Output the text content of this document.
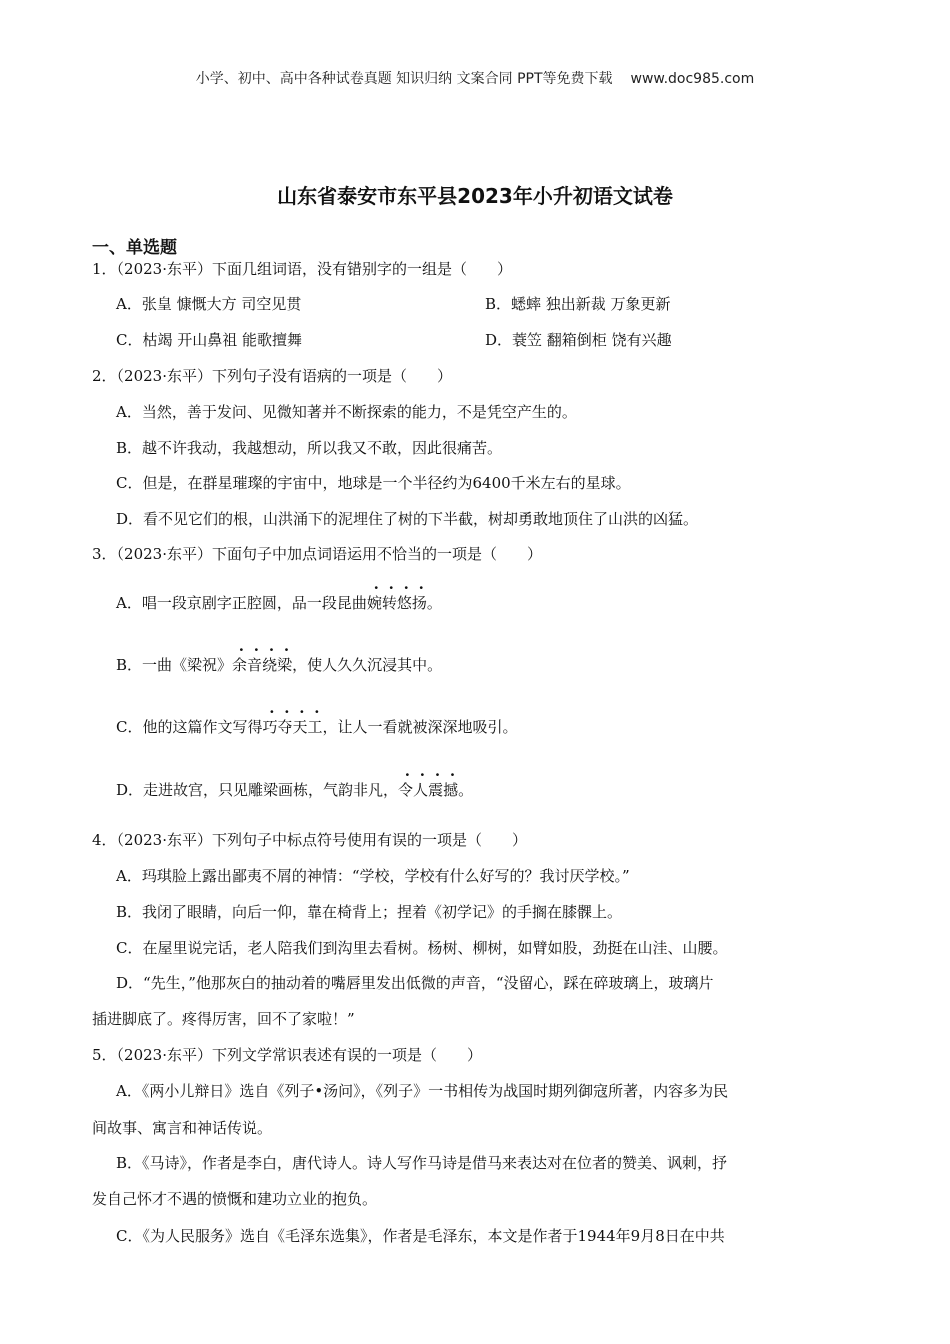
小学、初中、高中各种试卷真题 知识归纳 文案合同 PPT等免费下载 www.doc985.com
山东省泰安市东平县2023年小升初语文试卷
一、单选题
1．（2023·东平）下面几组词语，没有错别字的一组是（　　）
A．张皇 慷慨大方 司空见贯	B．蟋蟀 独出新裁 万象更新
C．枯竭 开山鼻祖 能歌擅舞	D．蓑笠 翻箱倒柜 饶有兴趣
2．（2023·东平）下列句子没有语病的一项是（　　）
A．当然，善于发问、见微知著并不断探索的能力，不是凭空产生的。
B．越不许我动，我越想动，所以我又不敢，因此很痛苦。
C．但是，在群星璀璨的宇宙中，地球是一个半径约为6400千米左右的星球。
D．看不见它们的根，山洪涌下的泥埋住了树的下半截，树却勇敢地顶住了山洪的凶猛。
3．（2023·东平）下面句子中加点词语运用不恰当的一项是（　　）
A．唱一段京剧字正腔圆，品一段昆曲婉转悠扬。
B．一曲《梁祝》余音绕梁，使人久久沉浸其中。
C．他的这篇作文写得巧夺天工，让人一看就被深深地吸引。
D．走进故宫，只见雕梁画栋，气韵非凡，令人震撼。
4．（2023·东平）下列句子中标点符号使用有误的一项是（　　）
A．玛琪脸上露出鄙夷不屑的神情：“学校，学校有什么好写的？我讨厌学校。”
B．我闭了眼睛，向后一仰，靠在椅背上；捏着《初学记》的手搁在膝髁上。
C．在屋里说完话，老人陪我们到沟里去看树。杨树、柳树，如臂如股，劲挺在山洼、山腰。
D．“先生，”他那灰白的抽动着的嘴唇里发出低微的声音，“没留心，踩在碎玻璃上，玻璃片
插进脚底了。疼得厉害，回不了家啦！”
5．（2023·东平）下列文学常识表述有误的一项是（　　）
A．《两小儿辩日》选自《列子•汤问》，《列子》一书相传为战国时期列御寇所著，内容多为民
间故事、寓言和神话传说。
B．《马诗》，作者是李白，唐代诗人。诗人写作马诗是借马来表达对在位者的赞美、讽刺，抒
发自己怀才不遇的愤慨和建功立业的抱负。
C．《为人民服务》选自《毛泽东选集》，作者是毛泽东，本文是作者于1944年9月8日在中共
